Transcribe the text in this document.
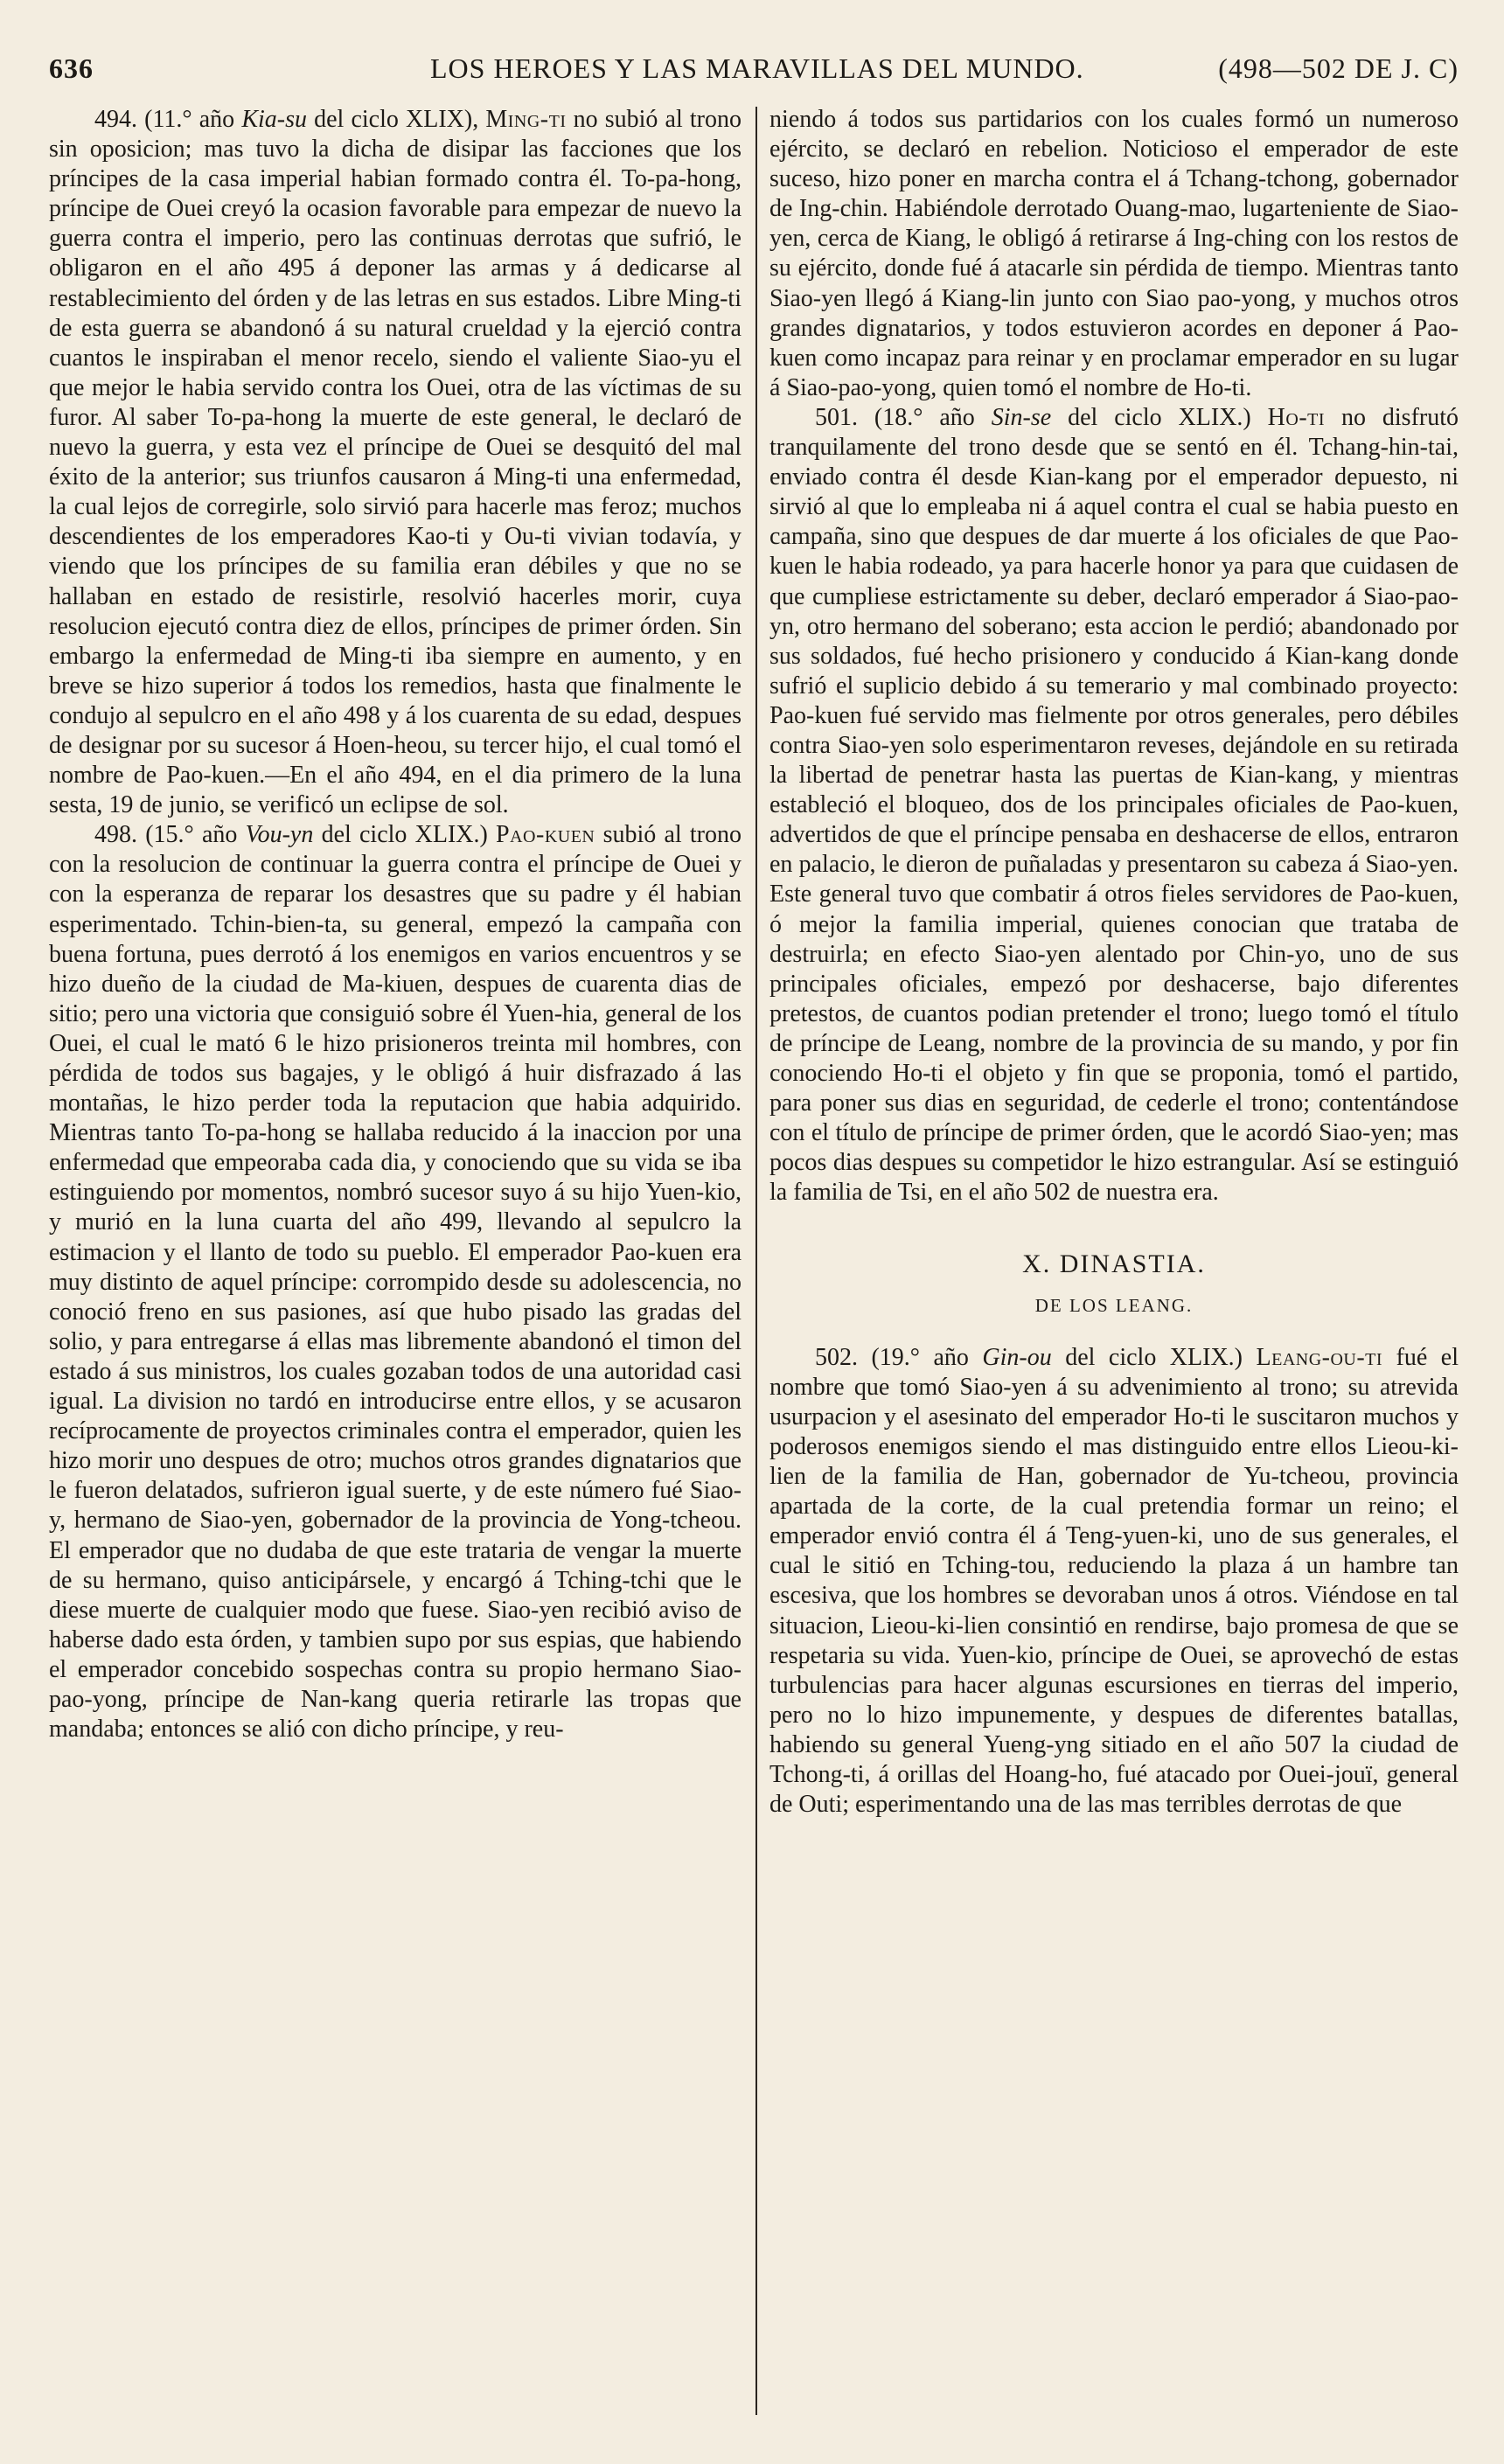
636	LOS HEROES Y LAS MARAVILLAS DEL MUNDO.	(498—502 DE J. C)

494. (11.° año Kia-su del ciclo XLIX), Ming-ti no subió al trono sin oposicion; mas tuvo la dicha de disipar las facciones que los príncipes de la casa imperial habian formado contra él. To-pa-hong, príncipe de Ouei creyó la ocasion favorable para empezar de nuevo la guerra contra el imperio, pero las continuas derrotas que sufrió, le obligaron en el año 495 á deponer las armas y á dedicarse al restablecimiento del órden y de las letras en sus estados. Libre Ming-ti de esta guerra se abandonó á su natural crueldad y la ejerció contra cuantos le inspiraban el menor recelo, siendo el valiente Siao-yu el que mejor le habia servido contra los Ouei, otra de las víctimas de su furor. Al saber To-pa-hong la muerte de este general, le declaró de nuevo la guerra, y esta vez el príncipe de Ouei se desquitó del mal éxito de la anterior; sus triunfos causaron á Ming-ti una enfermedad, la cual lejos de corregirle, solo sirvió para hacerle mas feroz; muchos descendientes de los emperadores Kao-ti y Ou-ti vivian todavía, y viendo que los príncipes de su familia eran débiles y que no se hallaban en estado de resistirle, resolvió hacerles morir, cuya resolucion ejecutó contra diez de ellos, príncipes de primer órden. Sin embargo la enfermedad de Ming-ti iba siempre en aumento, y en breve se hizo superior á todos los remedios, hasta que finalmente le condujo al sepulcro en el año 498 y á los cuarenta de su edad, despues de designar por su sucesor á Hoen-heou, su tercer hijo, el cual tomó el nombre de Pao-kuen.—En el año 494, en el dia primero de la luna sesta, 19 de junio, se verificó un eclipse de sol.

498. (15.° año Vou-yn del ciclo XLIX.) Pao-kuen subió al trono con la resolucion de continuar la guerra contra el príncipe de Ouei y con la esperanza de reparar los desastres que su padre y él habian esperimentado. Tchin-bien-ta, su general, empezó la campaña con buena fortuna, pues derrotó á los enemigos en varios encuentros y se hizo dueño de la ciudad de Ma-kiuen, despues de cuarenta dias de sitio; pero una victoria que consiguió sobre él Yuen-hia, general de los Ouei, el cual le mató 6 le hizo prisioneros treinta mil hombres, con pérdida de todos sus bagajes, y le obligó á huir disfrazado á las montañas, le hizo perder toda la reputacion que habia adquirido. Mientras tanto To-pa-hong se hallaba reducido á la inaccion por una enfermedad que empeoraba cada dia, y conociendo que su vida se iba estinguiendo por momentos, nombró sucesor suyo á su hijo Yuen-kio, y murió en la luna cuarta del año 499, llevando al sepulcro la estimacion y el llanto de todo su pueblo. El emperador Pao-kuen era muy distinto de aquel príncipe: corrompido desde su adolescencia, no conoció freno en sus pasiones, así que hubo pisado las gradas del solio, y para entregarse á ellas mas libremente abandonó el timon del estado á sus ministros, los cuales gozaban todos de una autoridad casi igual. La division no tardó en introducirse entre ellos, y se acusaron recíprocamente de proyectos criminales contra el emperador, quien les hizo morir uno despues de otro; muchos otros grandes dignatarios que le fueron delatados, sufrieron igual suerte, y de este número fué Siao-y, hermano de Siao-yen, gobernador de la provincia de Yong-tcheou. El emperador que no dudaba de que este trataria de vengar la muerte de su hermano, quiso anticipársele, y encargó á Tching-tchi que le diese muerte de cualquier modo que fuese. Siao-yen recibió aviso de haberse dado esta órden, y tambien supo por sus espias, que habiendo el emperador concebido sospechas contra su propio hermano Siao-pao-yong, príncipe de Nan-kang queria retirarle las tropas que mandaba; entonces se alió con dicho príncipe, y reu-

niendo á todos sus partidarios con los cuales formó un numeroso ejército, se declaró en rebelion. Noticioso el emperador de este suceso, hizo poner en marcha contra el á Tchang-tchong, gobernador de Ing-chin. Habiéndole derrotado Ouang-mao, lugarteniente de Siao-yen, cerca de Kiang, le obligó á retirarse á Ing-ching con los restos de su ejército, donde fué á atacarle sin pérdida de tiempo. Mientras tanto Siao-yen llegó á Kiang-lin junto con Siao pao-yong, y muchos otros grandes dignatarios, y todos estuvieron acordes en deponer á Pao-kuen como incapaz para reinar y en proclamar emperador en su lugar á Siao-pao-yong, quien tomó el nombre de Ho-ti.

501. (18.° año Sin-se del ciclo XLIX.) Ho-ti no disfrutó tranquilamente del trono desde que se sentó en él. Tchang-hin-tai, enviado contra él desde Kian-kang por el emperador depuesto, ni sirvió al que lo empleaba ni á aquel contra el cual se habia puesto en campaña, sino que despues de dar muerte á los oficiales de que Pao-kuen le habia rodeado, ya para hacerle honor ya para que cuidasen de que cumpliese estrictamente su deber, declaró emperador á Siao-pao-yn, otro hermano del soberano; esta accion le perdió; abandonado por sus soldados, fué hecho prisionero y conducido á Kian-kang donde sufrió el suplicio debido á su temerario y mal combinado proyecto: Pao-kuen fué servido mas fielmente por otros generales, pero débiles contra Siao-yen solo esperimentaron reveses, dejándole en su retirada la libertad de penetrar hasta las puertas de Kian-kang, y mientras estableció el bloqueo, dos de los principales oficiales de Pao-kuen, advertidos de que el príncipe pensaba en deshacerse de ellos, entraron en palacio, le dieron de puñaladas y presentaron su cabeza á Siao-yen. Este general tuvo que combatir á otros fieles servidores de Pao-kuen, ó mejor la familia imperial, quienes conocian que trataba de destruirla; en efecto Siao-yen alentado por Chin-yo, uno de sus principales oficiales, empezó por deshacerse, bajo diferentes pretestos, de cuantos podian pretender el trono; luego tomó el título de príncipe de Leang, nombre de la provincia de su mando, y por fin conociendo Ho-ti el objeto y fin que se proponia, tomó el partido, para poner sus dias en seguridad, de cederle el trono; contentándose con el título de príncipe de primer órden, que le acordó Siao-yen; mas pocos dias despues su competidor le hizo estrangular. Así se estinguió la familia de Tsi, en el año 502 de nuestra era.

X. DINASTIA.
DE LOS LEANG.

502. (19.° año Gin-ou del ciclo XLIX.) Leang-ou-ti fué el nombre que tomó Siao-yen á su advenimiento al trono; su atrevida usurpacion y el asesinato del emperador Ho-ti le suscitaron muchos y poderosos enemigos siendo el mas distinguido entre ellos Lieou-ki-lien de la familia de Han, gobernador de Yu-tcheou, provincia apartada de la corte, de la cual pretendia formar un reino; el emperador envió contra él á Teng-yuen-ki, uno de sus generales, el cual le sitió en Tching-tou, reduciendo la plaza á un hambre tan escesiva, que los hombres se devoraban unos á otros. Viéndose en tal situacion, Lieou-ki-lien consintió en rendirse, bajo promesa de que se respetaria su vida. Yuen-kio, príncipe de Ouei, se aprovechó de estas turbulencias para hacer algunas escursiones en tierras del imperio, pero no lo hizo impunemente, y despues de diferentes batallas, habiendo su general Yueng-yng sitiado en el año 507 la ciudad de Tchong-ti, á orillas del Hoang-ho, fué atacado por Ouei-jouï, general de Outi; esperimentando una de las mas terribles derrotas de que
